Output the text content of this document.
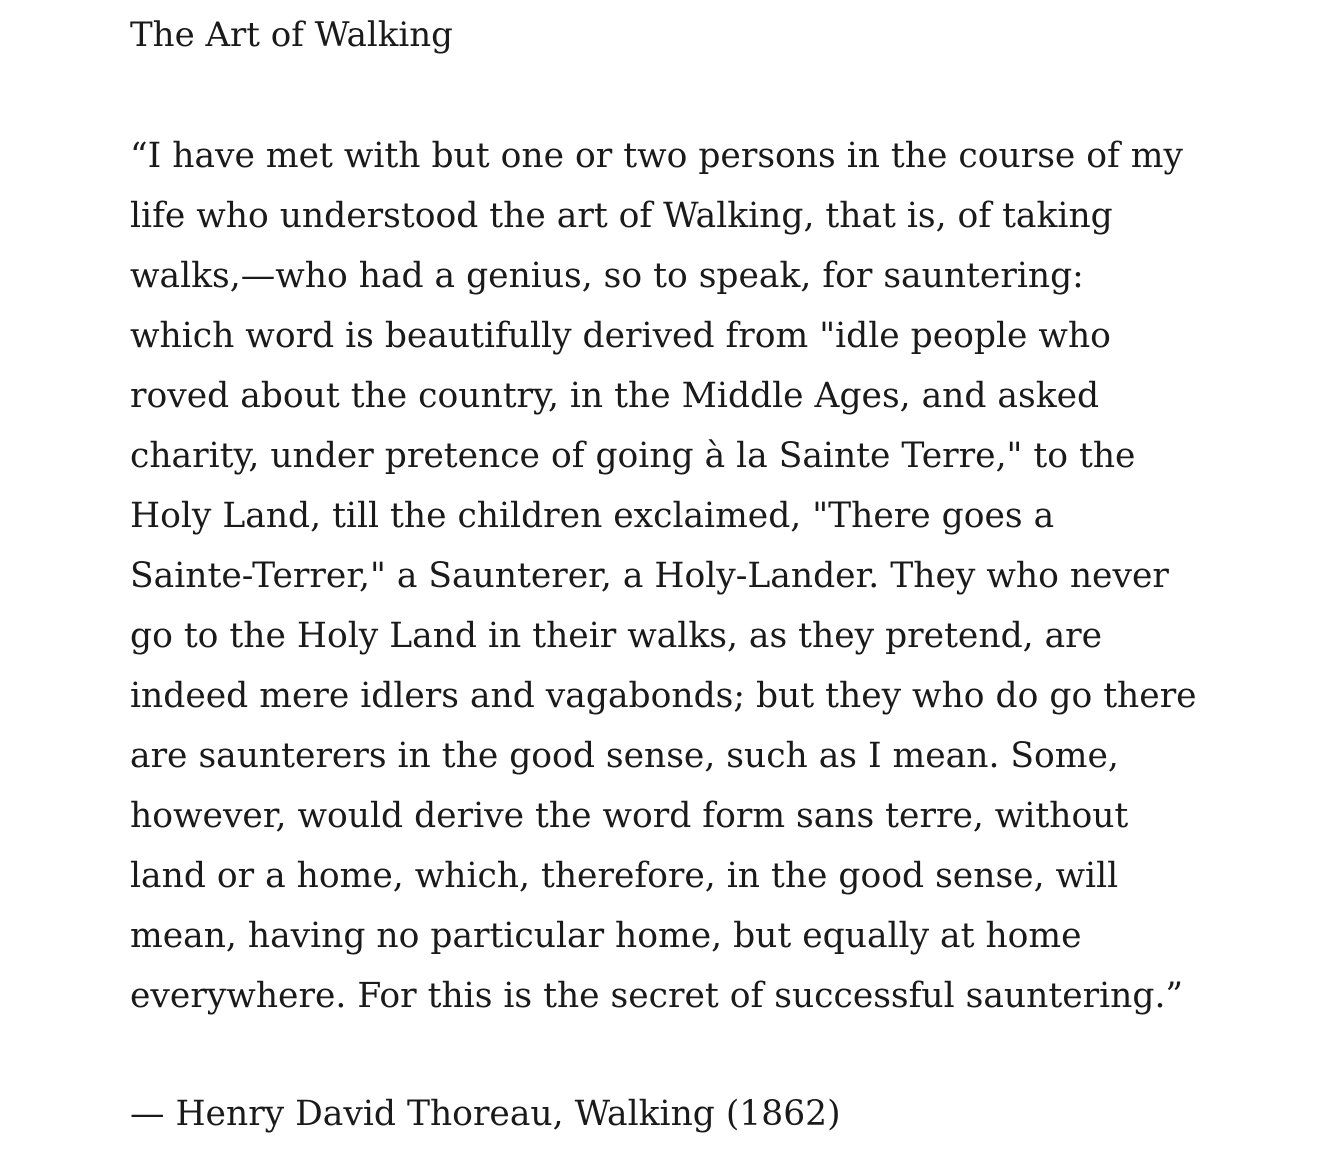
The Art of Walking

“I have met with but one or two persons in the course of my
life who understood the art of Walking, that is, of taking
walks,—who had a genius, so to speak, for sauntering:
which word is beautifully derived from "idle people who
roved about the country, in the Middle Ages, and asked
charity, under pretence of going à la Sainte Terre," to the
Holy Land, till the children exclaimed, "There goes a
Sainte-Terrer," a Saunterer, a Holy-Lander. They who never
go to the Holy Land in their walks, as they pretend, are
indeed mere idlers and vagabonds; but they who do go there
are saunterers in the good sense, such as I mean. Some,
however, would derive the word form sans terre, without
land or a home, which, therefore, in the good sense, will
mean, having no particular home, but equally at home
everywhere. For this is the secret of successful sauntering.”

— Henry David Thoreau, Walking (1862)
